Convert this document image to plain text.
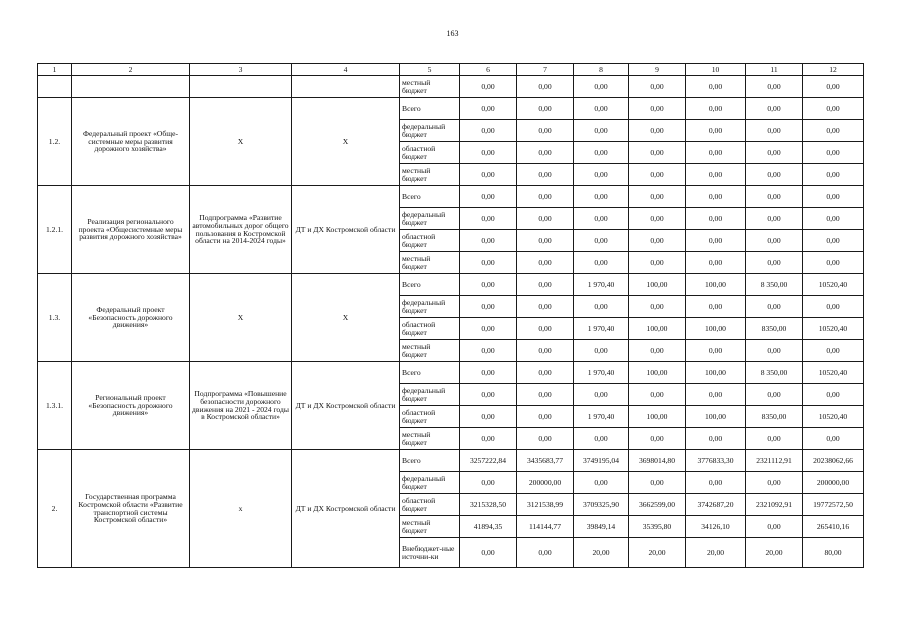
163
1	2	3	4	5	6	7	8	9	10	11	12
				местный бюджет	0,00	0,00	0,00	0,00	0,00	0,00	0,00
1.2.	Федеральный проект «Обще-системные меры развития дорожного хозяйства»	Х	Х	Всего	0,00	0,00	0,00	0,00	0,00	0,00	0,00
				федеральный бюджет	0,00	0,00	0,00	0,00	0,00	0,00	0,00
				областной бюджет	0,00	0,00	0,00	0,00	0,00	0,00	0,00
				местный бюджет	0,00	0,00	0,00	0,00	0,00	0,00	0,00
1.2.1.	Реализация регионального проекта «Общесистемные меры развития дорожного хозяйства»	Подпрограмма «Развитие автомобильных дорог общего пользования в Костромской области на 2014-2024 годы»	ДТ и ДХ Костромской области	Всего	0,00	0,00	0,00	0,00	0,00	0,00	0,00
				федеральный бюджет	0,00	0,00	0,00	0,00	0,00	0,00	0,00
				областной бюджет	0,00	0,00	0,00	0,00	0,00	0,00	0,00
				местный бюджет	0,00	0,00	0,00	0,00	0,00	0,00	0,00
1.3.	Федеральный проект «Безопасность дорожного движения»	Х	Х	Всего	0,00	0,00	1 970,40	100,00	100,00	8 350,00	10520,40
				федеральный бюджет	0,00	0,00	0,00	0,00	0,00	0,00	0,00
				областной бюджет	0,00	0,00	1 970,40	100,00	100,00	8350,00	10520,40
				местный бюджет	0,00	0,00	0,00	0,00	0,00	0,00	0,00
1.3.1.	Региональный проект «Безопасность дорожного движения»	Подпрограмма «Повышение безопасности дорожного движения на 2021 - 2024 годы в Костромской области»	ДТ и ДХ Костромской области	Всего	0,00	0,00	1 970,40	100,00	100,00	8 350,00	10520,40
				федеральный бюджет	0,00	0,00	0,00	0,00	0,00	0,00	0,00
				областной бюджет	0,00	0,00	1 970,40	100,00	100,00	8350,00	10520,40
				местный бюджет	0,00	0,00	0,00	0,00	0,00	0,00	0,00
2.	Государственная программа Костромской области «Развитие транспортной системы Костромской области»	х	ДТ и ДХ Костромской области	Всего	3257222,84	3435683,77	3749195,04	3698014,80	3776833,30	2321112,91	20238062,66
				федеральный бюджет	0,00	200000,00	0,00	0,00	0,00	0,00	200000,00
				областной бюджет	3215328,50	3121538,99	3709325,90	3662599,00	3742687,20	2321092,91	19772572,50
				местный бюджет	41894,35	114144,77	39849,14	35395,80	34126,10	0,00	265410,16
				Внебюджет-ные источни-ки	0,00	0,00	20,00	20,00	20,00	20,00	80,00
